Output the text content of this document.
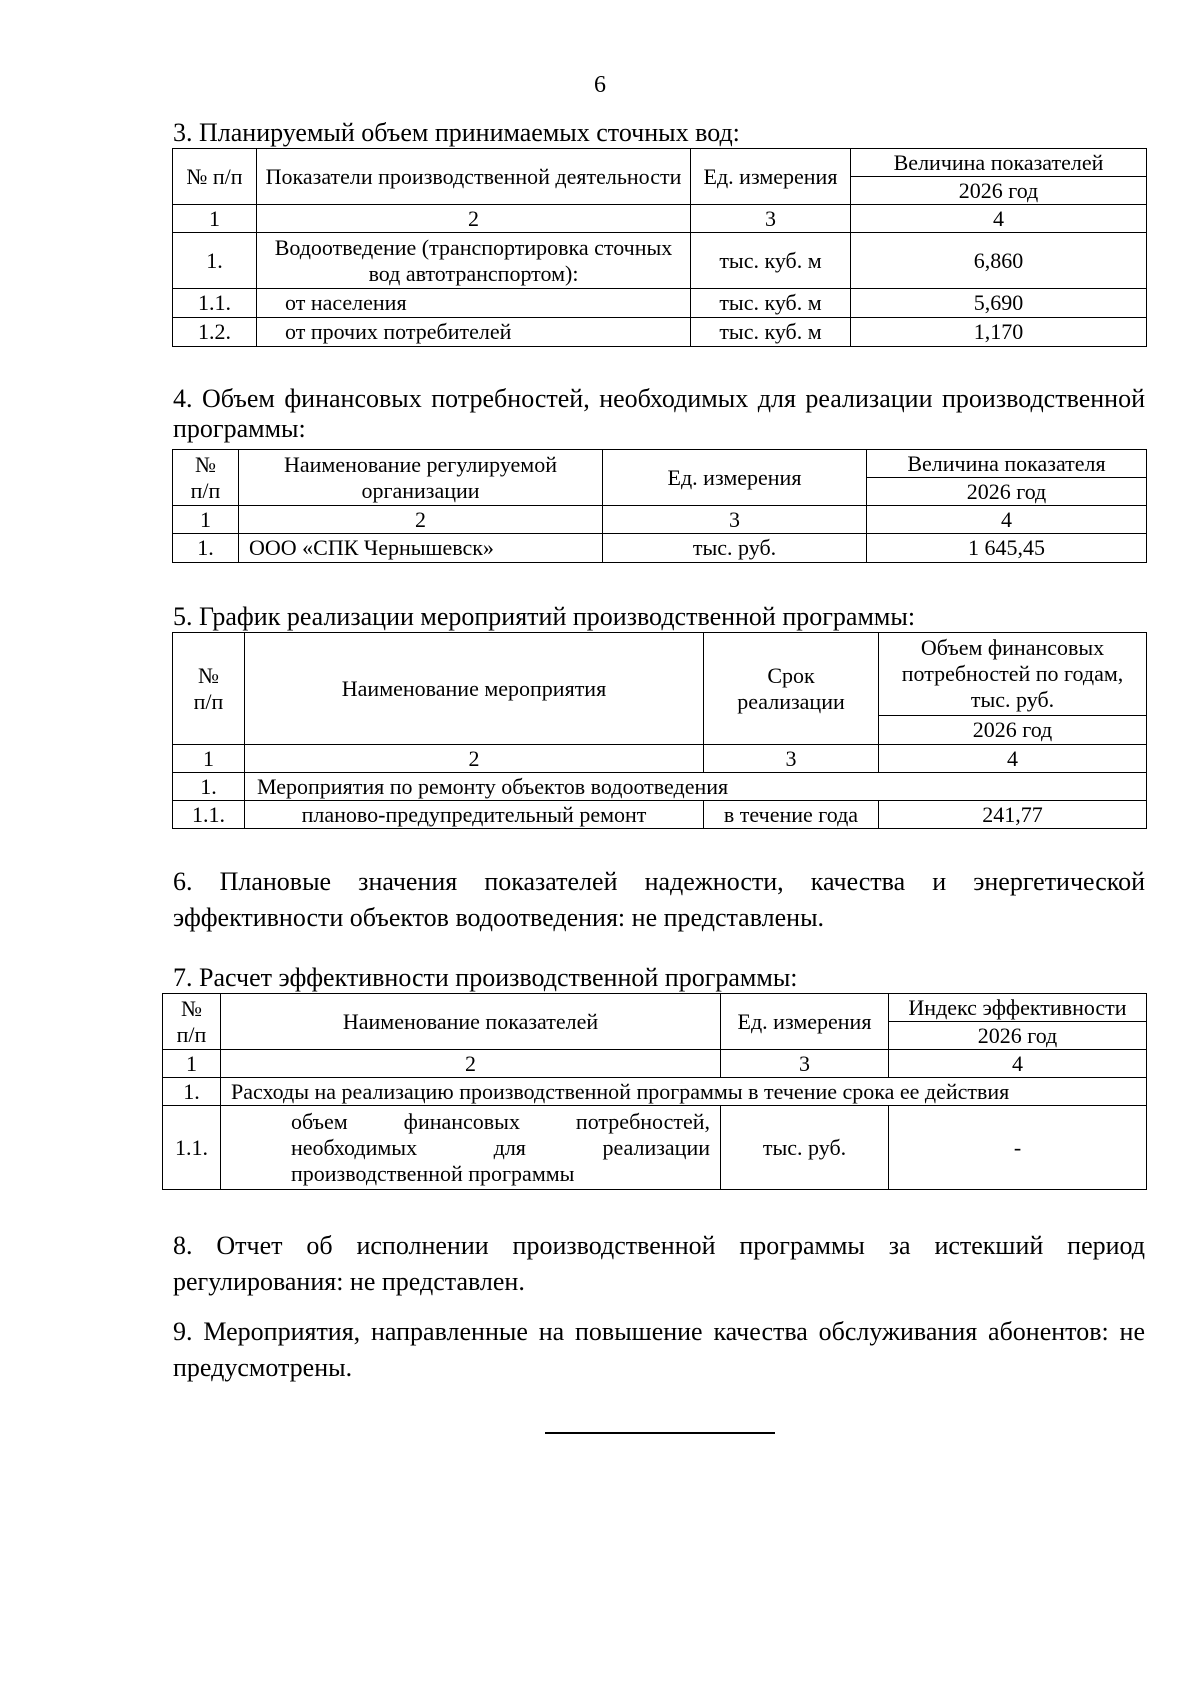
6
3. Планируемый объем принимаемых сточных вод:
№ п/п	Показатели производственной деятельности	Ед. измерения	Величина показателей
			2026 год
1	2	3	4
1.	Водоотведение (транспортировка сточных вод автотранспортом):	тыс. куб. м	6,860
1.1.	от населения	тыс. куб. м	5,690
1.2.	от прочих потребителей	тыс. куб. м	1,170
4. Объем финансовых потребностей, необходимых для реализации производственной программы:
№
п/п	Наименование регулируемой организации	Ед. измерения	Величина показателя
			2026 год
1	2	3	4
1.	ООО «СПК Чернышевск»	тыс. руб.	1 645,45
5. График реализации мероприятий производственной программы:
№
п/п	Наименование мероприятия	Срок реализации	Объем финансовых потребностей по годам, тыс. руб.
			2026 год
1	2	3	4
1.	Мероприятия по ремонту объектов водоотведения		
1.1.	планово-предупредительный ремонт	в течение года	241,77
6. Плановые значения показателей надежности, качества и энергетической эффективности объектов водоотведения: не представлены.
7. Расчет эффективности производственной программы:
№
п/п	Наименование показателей	Ед. измерения	Индекс эффективности
			2026 год
1	2	3	4
1.	Расходы на реализацию производственной программы в течение срока ее действия		
1.1.	объем финансовых потребностей,
необходимых для реализации
производственной программы	тыс. руб.	-
8. Отчет об исполнении производственной программы за истекший период регулирования: не представлен.
9. Мероприятия, направленные на повышение качества обслуживания абонентов: не предусмотрены.
